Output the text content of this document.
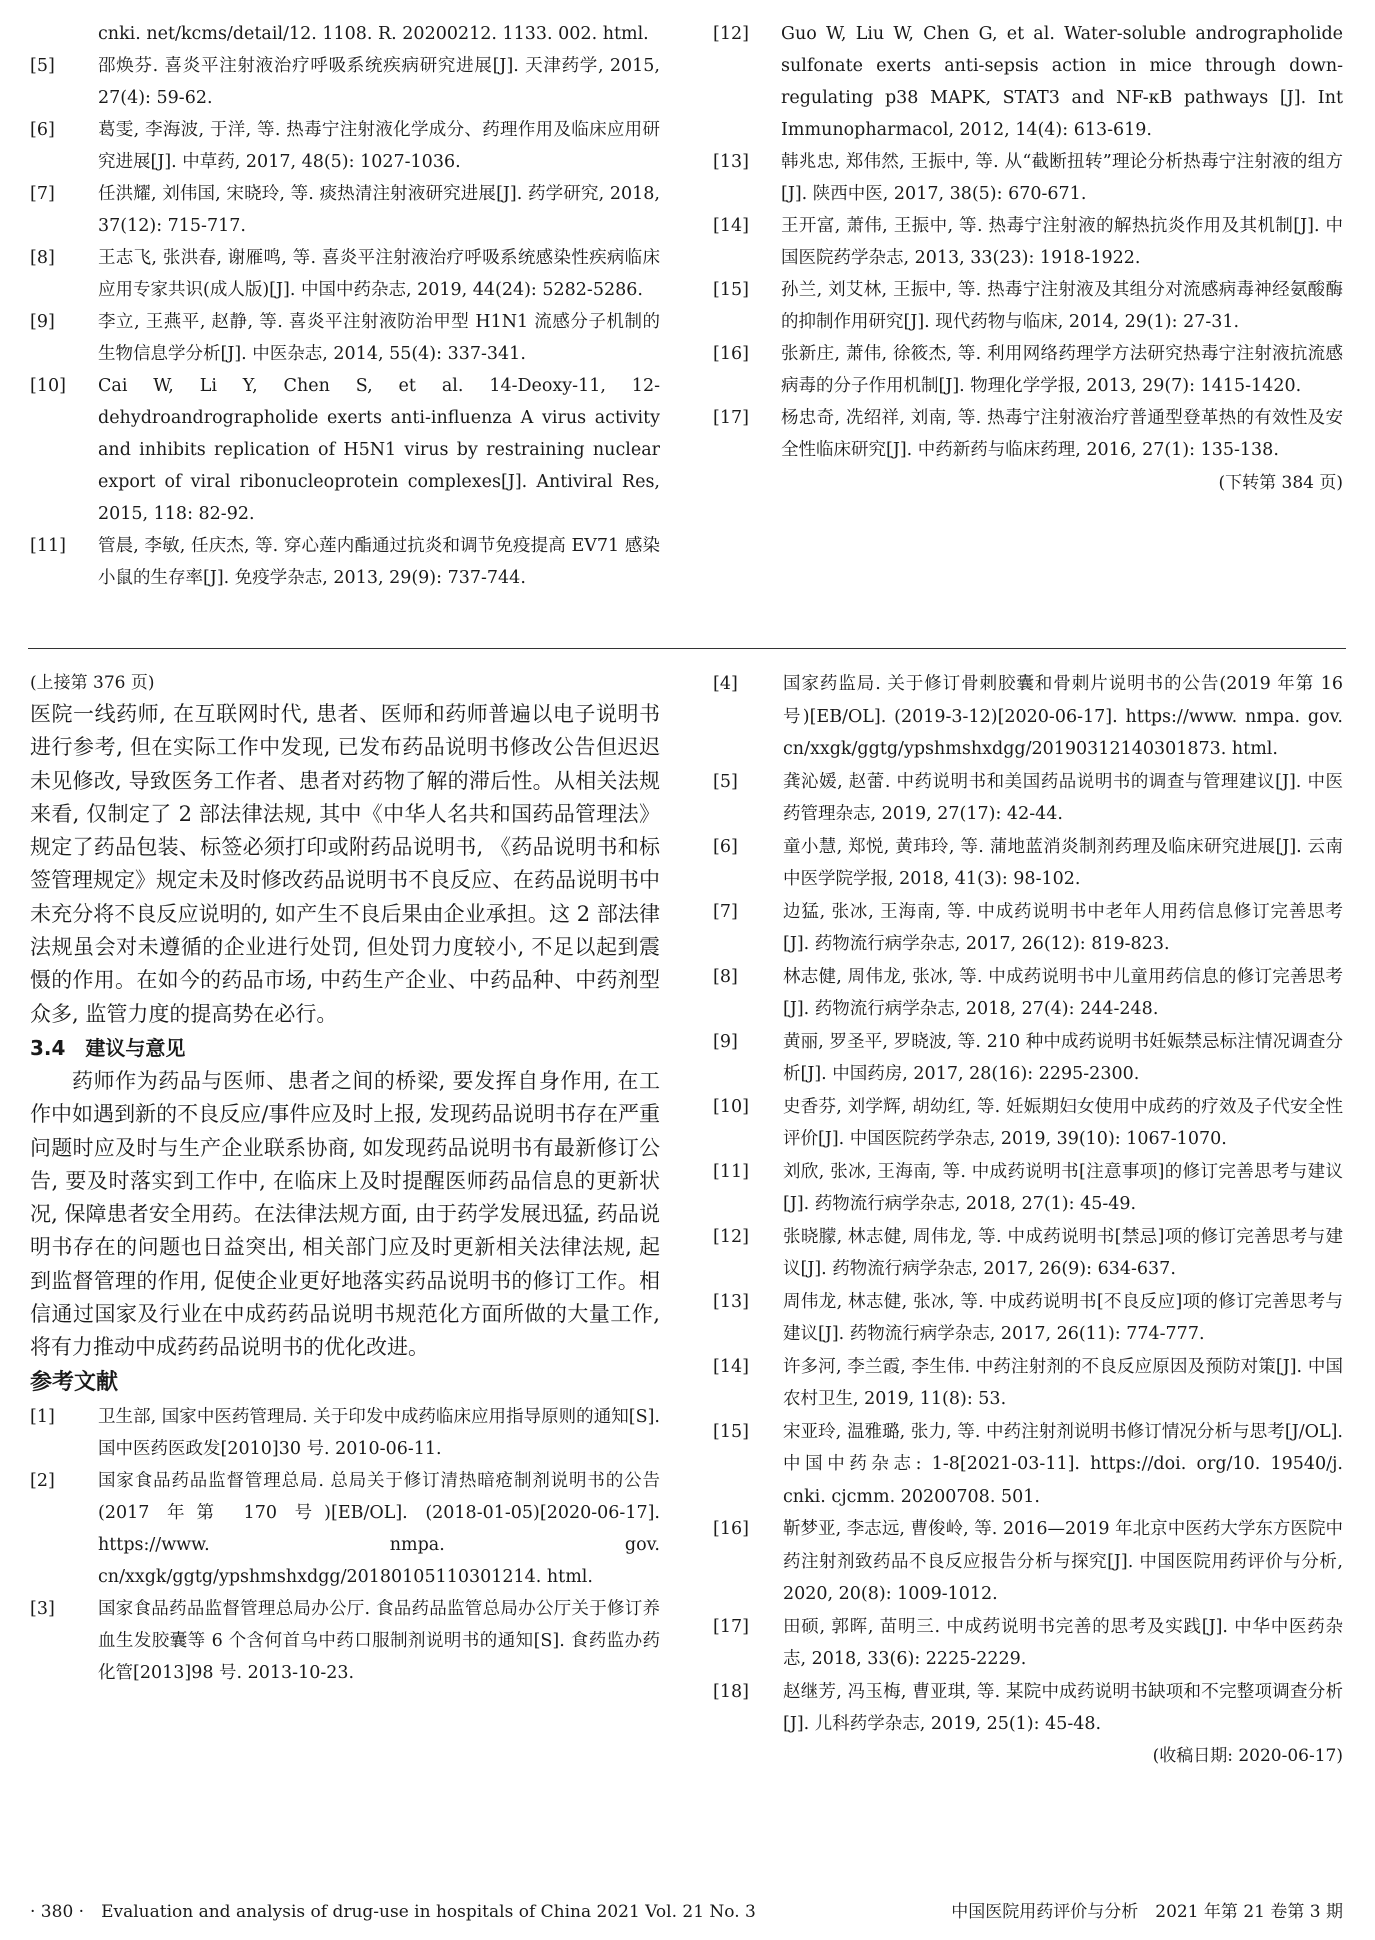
cnki. net/kcms/detail/12. 1108. R. 20200212. 1133. 002. html.
[5]	邵焕芬. 喜炎平注射液治疗呼吸系统疾病研究进展[J]. 天津药学, 2015, 27(4): 59-62.
[6]	葛雯, 李海波, 于洋, 等. 热毒宁注射液化学成分、药理作用及临床应用研究进展[J]. 中草药, 2017, 48(5): 1027-1036.
[7]	任洪耀, 刘伟国, 宋晓玲, 等. 痰热清注射液研究进展[J]. 药学研究, 2018, 37(12): 715-717.
[8]	王志飞, 张洪春, 谢雁鸣, 等. 喜炎平注射液治疗呼吸系统感染性疾病临床应用专家共识(成人版)[J]. 中国中药杂志, 2019, 44(24): 5282-5286.
[9]	李立, 王燕平, 赵静, 等. 喜炎平注射液防治甲型 H1N1 流感分子机制的生物信息学分析[J]. 中医杂志, 2014, 55(4): 337-341.
[10]	Cai W, Li Y, Chen S, et al. 14-Deoxy-11, 12-dehydroandrographolide exerts anti-influenza A virus activity and inhibits replication of H5N1 virus by restraining nuclear export of viral ribonucleoprotein complexes[J]. Antiviral Res, 2015, 118: 82-92.
[11]	管晨, 李敏, 任庆杰, 等. 穿心莲内酯通过抗炎和调节免疫提高 EV71 感染小鼠的生存率[J]. 免疫学杂志, 2013, 29(9): 737-744.
[12]	Guo W, Liu W, Chen G, et al. Water-soluble andrographolide sulfonate exerts anti-sepsis action in mice through down-regulating p38 MAPK, STAT3 and NF-κB pathways [J]. Int Immunopharmacol, 2012, 14(4): 613-619.
[13]	韩兆忠, 郑伟然, 王振中, 等. 从“截断扭转”理论分析热毒宁注射液的组方[J]. 陕西中医, 2017, 38(5): 670-671.
[14]	王开富, 萧伟, 王振中, 等. 热毒宁注射液的解热抗炎作用及其机制[J]. 中国医院药学杂志, 2013, 33(23): 1918-1922.
[15]	孙兰, 刘艾林, 王振中, 等. 热毒宁注射液及其组分对流感病毒神经氨酸酶的抑制作用研究[J]. 现代药物与临床, 2014, 29(1): 27-31.
[16]	张新庄, 萧伟, 徐筱杰, 等. 利用网络药理学方法研究热毒宁注射液抗流感病毒的分子作用机制[J]. 物理化学学报, 2013, 29(7): 1415-1420.
[17]	杨忠奇, 冼绍祥, 刘南, 等. 热毒宁注射液治疗普通型登革热的有效性及安全性临床研究[J]. 中药新药与临床药理, 2016, 27(1): 135-138.
(下转第 384 页)
(上接第 376 页)

医院一线药师, 在互联网时代, 患者、医师和药师普遍以电子说明书进行参考, 但在实际工作中发现, 已发布药品说明书修改公告但迟迟未见修改, 导致医务工作者、患者对药物了解的滞后性。从相关法规来看, 仅制定了 2 部法律法规, 其中《中华人名共和国药品管理法》规定了药品包装、标签必须打印或附药品说明书, 《药品说明书和标签管理规定》规定未及时修改药品说明书不良反应、在药品说明书中未充分将不良反应说明的, 如产生不良后果由企业承担。这 2 部法律法规虽会对未遵循的企业进行处罚, 但处罚力度较小, 不足以起到震慑的作用。在如今的药品市场, 中药生产企业、中药品种、中药剂型众多, 监管力度的提高势在必行。

3.4　建议与意见

药师作为药品与医师、患者之间的桥梁, 要发挥自身作用, 在工作中如遇到新的不良反应/事件应及时上报, 发现药品说明书存在严重问题时应及时与生产企业联系协商, 如发现药品说明书有最新修订公告, 要及时落实到工作中, 在临床上及时提醒医师药品信息的更新状况, 保障患者安全用药。在法律法规方面, 由于药学发展迅猛, 药品说明书存在的问题也日益突出, 相关部门应及时更新相关法律法规, 起到监督管理的作用, 促使企业更好地落实药品说明书的修订工作。相信通过国家及行业在中成药药品说明书规范化方面所做的大量工作, 将有力推动中成药药品说明书的优化改进。

参考文献
[1]	卫生部, 国家中医药管理局. 关于印发中成药临床应用指导原则的通知[S]. 国中医药医政发[2010]30 号. 2010-06-11.
[2]	国家食品药品监督管理总局. 总局关于修订清热暗疮制剂说明书的公告(2017 年第 170 号)[EB/OL]. (2018-01-05)[2020-06-17]. https://www. nmpa. gov. cn/xxgk/ggtg/ypshmshxdgg/20180105110301214. html.
[3]	国家食品药品监督管理总局办公厅. 食品药品监管总局办公厅关于修订养血生发胶囊等 6 个含何首乌中药口服制剂说明书的通知[S]. 食药监办药化管[2013]98 号. 2013-10-23.
[4]	国家药监局. 关于修订骨刺胶囊和骨刺片说明书的公告(2019 年第 16 号)[EB/OL]. (2019-3-12)[2020-06-17]. https://www. nmpa. gov. cn/xxgk/ggtg/ypshmshxdgg/20190312140301873. html.
[5]	龚沁媛, 赵蕾. 中药说明书和美国药品说明书的调查与管理建议[J]. 中医药管理杂志, 2019, 27(17): 42-44.
[6]	童小慧, 郑悦, 黄玮玲, 等. 蒲地蓝消炎制剂药理及临床研究进展[J]. 云南中医学院学报, 2018, 41(3): 98-102.
[7]	边猛, 张冰, 王海南, 等. 中成药说明书中老年人用药信息修订完善思考[J]. 药物流行病学杂志, 2017, 26(12): 819-823.
[8]	林志健, 周伟龙, 张冰, 等. 中成药说明书中儿童用药信息的修订完善思考[J]. 药物流行病学杂志, 2018, 27(4): 244-248.
[9]	黄丽, 罗圣平, 罗晓波, 等. 210 种中成药说明书妊娠禁忌标注情况调查分析[J]. 中国药房, 2017, 28(16): 2295-2300.
[10]	史香芬, 刘学辉, 胡幼红, 等. 妊娠期妇女使用中成药的疗效及子代安全性评价[J]. 中国医院药学杂志, 2019, 39(10): 1067-1070.
[11]	刘欣, 张冰, 王海南, 等. 中成药说明书[注意事项]的修订完善思考与建议[J]. 药物流行病学杂志, 2018, 27(1): 45-49.
[12]	张晓朦, 林志健, 周伟龙, 等. 中成药说明书[禁忌]项的修订完善思考与建议[J]. 药物流行病学杂志, 2017, 26(9): 634-637.
[13]	周伟龙, 林志健, 张冰, 等. 中成药说明书[不良反应]项的修订完善思考与建议[J]. 药物流行病学杂志, 2017, 26(11): 774-777.
[14]	许多河, 李兰霞, 李生伟. 中药注射剂的不良反应原因及预防对策[J]. 中国农村卫生, 2019, 11(8): 53.
[15]	宋亚玲, 温雅璐, 张力, 等. 中药注射剂说明书修订情况分析与思考[J/OL]. 中国中药杂志: 1-8[2021-03-11]. https://doi. org/10. 19540/j. cnki. cjcmm. 20200708. 501.
[16]	靳梦亚, 李志远, 曹俊岭, 等. 2016—2019 年北京中医药大学东方医院中药注射剂致药品不良反应报告分析与探究[J]. 中国医院用药评价与分析, 2020, 20(8): 1009-1012.
[17]	田硕, 郭晖, 苗明三. 中成药说明书完善的思考及实践[J]. 中华中医药杂志, 2018, 33(6): 2225-2229.
[18]	赵继芳, 冯玉梅, 曹亚琪, 等. 某院中成药说明书缺项和不完整项调查分析[J]. 儿科药学杂志, 2019, 25(1): 45-48.
(收稿日期: 2020-06-17)
· 380 ·　Evaluation and analysis of drug-use in hospitals of China 2021 Vol. 21 No. 3	中国医院用药评价与分析　2021 年第 21 卷第 3 期
